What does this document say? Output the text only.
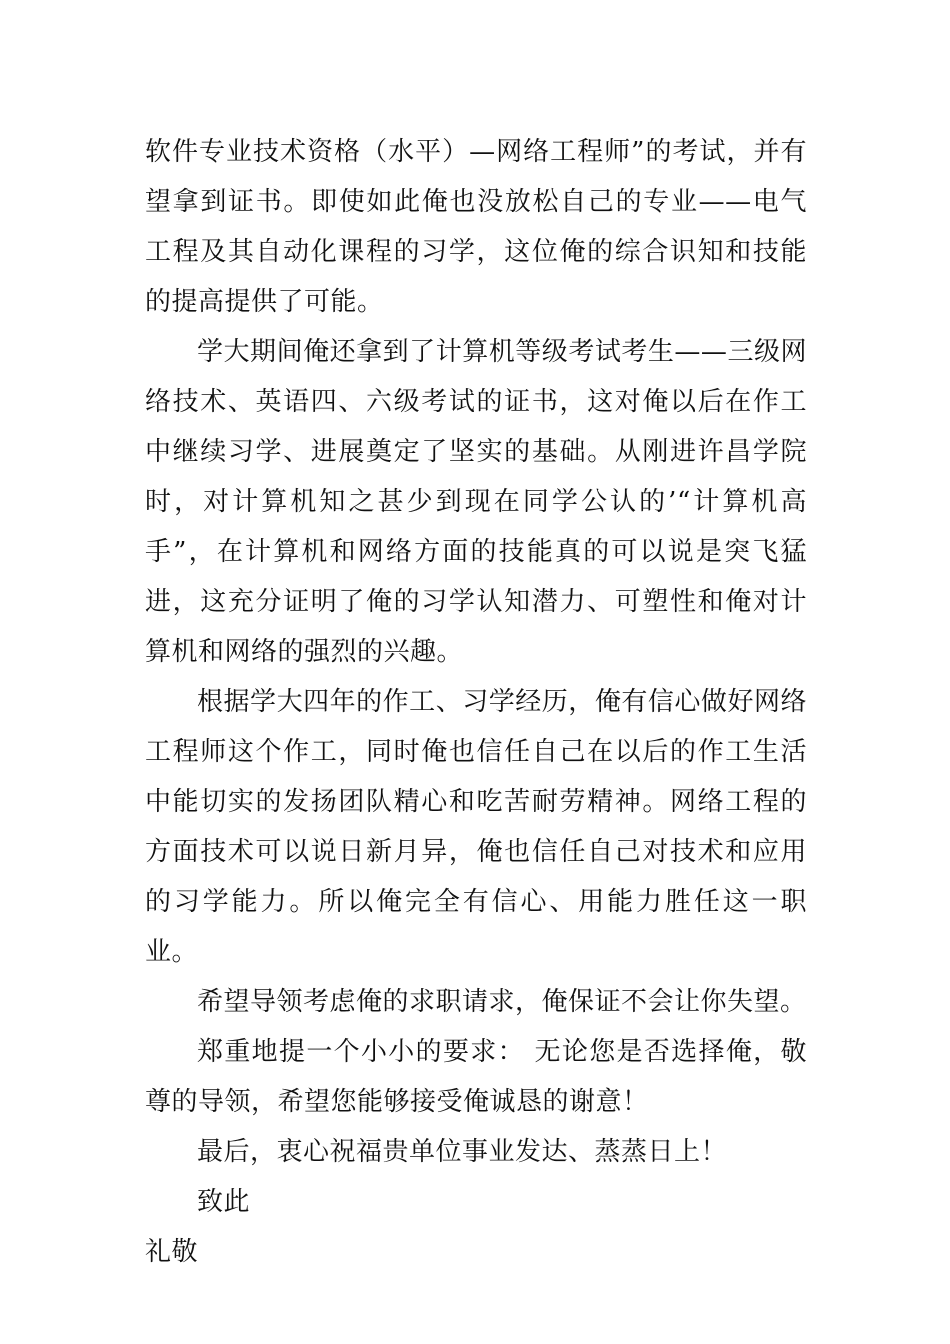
软件专业技术资格（水平）—网络工程师”的考试，并有望拿到证书。即使如此俺也没放松自己的专业——电气工程及其自动化课程的习学，这位俺的综合识知和技能的提高提供了可能。

学大期间俺还拿到了计算机等级考试考生——三级网络技术、英语四、六级考试的证书，这对俺以后在作工中继续习学、进展奠定了坚实的基础。从刚进许昌学院时，对计算机知之甚少到现在同学公认的’“计算机高手”，在计算机和网络方面的技能真的可以说是突飞猛进，这充分证明了俺的习学认知潜力、可塑性和俺对计算机和网络的强烈的兴趣。

根据学大四年的作工、习学经历，俺有信心做好网络工程师这个作工，同时俺也信任自己在以后的作工生活中能切实的发扬团队精心和吃苦耐劳精神。网络工程的方面技术可以说日新月异，俺也信任自己对技术和应用的习学能力。所以俺完全有信心、用能力胜任这一职业。

希望导领考虑俺的求职请求，俺保证不会让你失望。

郑重地提一个小小的要求： 无论您是否选择俺，敬尊的导领，希望您能够接受俺诚恳的谢意！

最后，衷心祝福贵单位事业发达、蒸蒸日上！

致此

礼敬
